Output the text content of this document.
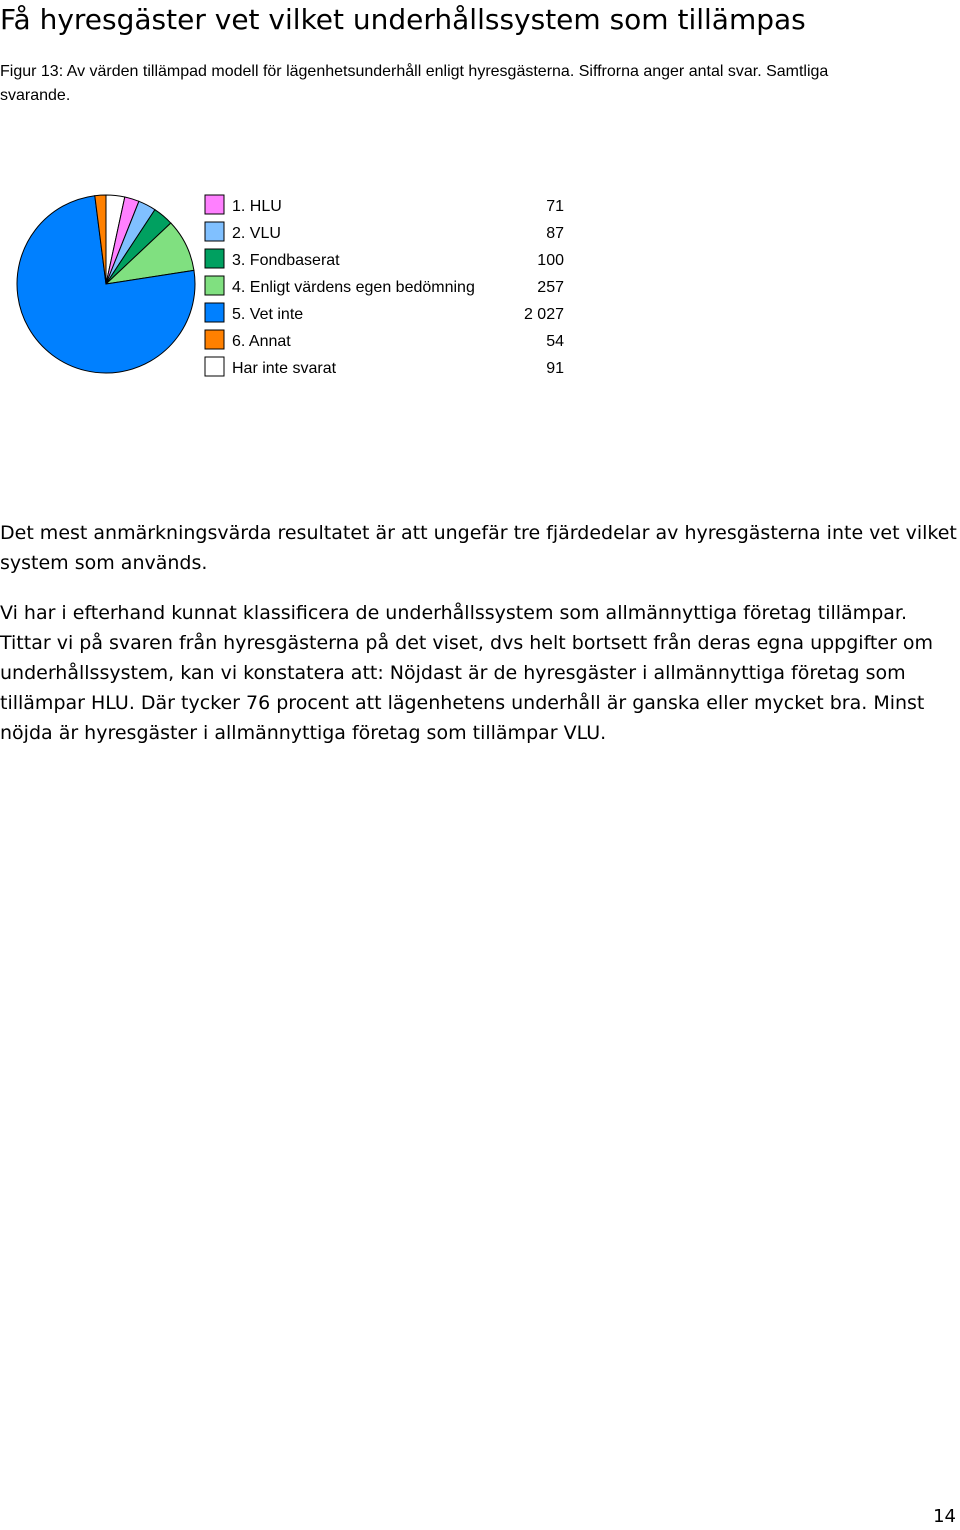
Få hyresgäster vet vilket underhållssystem som tillämpas
Figur 13: Av värden tillämpad modell för lägenhetsunderhåll enligt hyresgästerna. Siffrorna anger antal svar. Samtliga svarande.
1. HLU	71
2. VLU	87
3. Fondbaserat	100
4. Enligt värdens egen bedömning	257
5. Vet inte	2 027
6. Annat	54
Har inte svarat	91

Det mest anmärkningsvärda resultatet är att ungefär tre fjärdedelar av hyresgästerna inte vet vilket system som används.

Vi har i efterhand kunnat klassificera de underhållssystem som allmännyttiga företag tillämpar. Tittar vi på svaren från hyresgästerna på det viset, dvs helt bortsett från deras egna uppgifter om underhållssystem, kan vi konstatera att: Nöjdast är de hyresgäster i allmännyttiga företag som tillämpar HLU. Där tycker 76 procent att lägenhetens underhåll är ganska eller mycket bra. Minst nöjda är hyresgäster i allmännyttiga företag som tillämpar VLU.

14
